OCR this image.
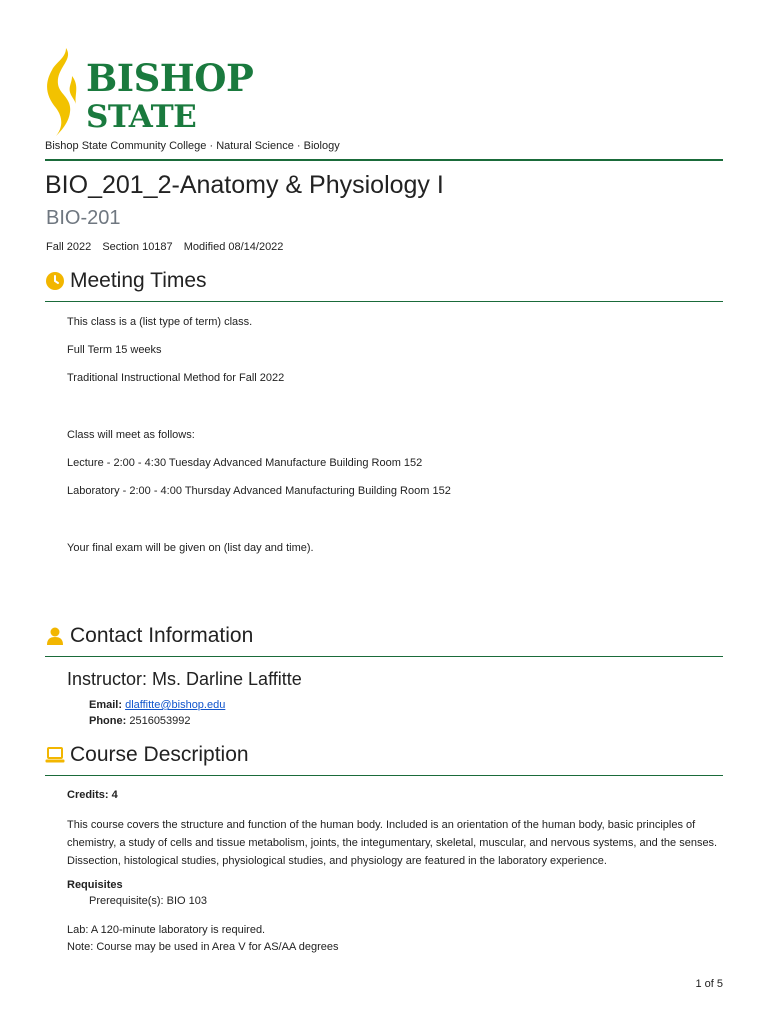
BISHOP
STATE
Bishop State Community College · Natural Science · Biology
BIO_201_2-Anatomy & Physiology I
BIO-201
Fall 2022 Section 10187 Modified 08/14/2022
Meeting Times
This class is a (list type of term) class.
Full Term 15 weeks
Traditional Instructional Method for Fall 2022
Class will meet as follows:
Lecture - 2:00 - 4:30 Tuesday Advanced Manufacture Building Room 152
Laboratory - 2:00 - 4:00 Thursday Advanced Manufacturing Building Room 152
Your final exam will be given on (list day and time).
Contact Information
Instructor: Ms. Darline Laffitte
Email: dlaffitte@bishop.edu
Phone: 2516053992
Course Description
Credits: 4
This course covers the structure and function of the human body. Included is an orientation of the human body, basic principles of chemistry, a study of cells and tissue metabolism, joints, the integumentary, skeletal, muscular, and nervous systems, and the senses. Dissection, histological studies, physiological studies, and physiology are featured in the laboratory experience.
Requisites
Prerequisite(s): BIO 103
Lab: A 120-minute laboratory is required.
Note: Course may be used in Area V for AS/AA degrees
1 of 5
